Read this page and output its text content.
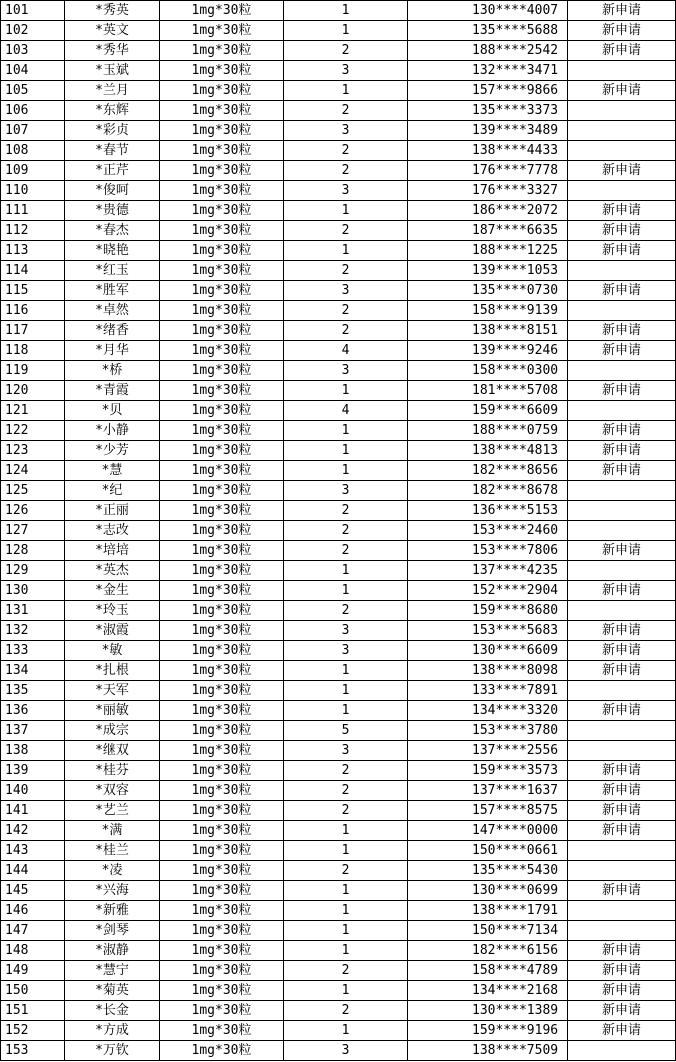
101	*秀英	1mg*30粒	1	130****4007	新申请
102	*英文	1mg*30粒	1	135****5688	新申请
103	*秀华	1mg*30粒	2	188****2542	新申请
104	*玉斌	1mg*30粒	3	132****3471	
105	*兰月	1mg*30粒	1	157****9866	新申请
106	*东辉	1mg*30粒	2	135****3373	
107	*彩贞	1mg*30粒	3	139****3489	
108	*春节	1mg*30粒	2	138****4433	
109	*正芹	1mg*30粒	2	176****7778	新申请
110	*俊呵	1mg*30粒	3	176****3327	
111	*贵德	1mg*30粒	1	186****2072	新申请
112	*春杰	1mg*30粒	2	187****6635	新申请
113	*晓艳	1mg*30粒	1	188****1225	新申请
114	*红玉	1mg*30粒	2	139****1053	
115	*胜军	1mg*30粒	3	135****0730	新申请
116	*卓然	1mg*30粒	2	158****9139	
117	*绪香	1mg*30粒	2	138****8151	新申请
118	*月华	1mg*30粒	4	139****9246	新申请
119	*桥	1mg*30粒	3	158****0300	
120	*青霞	1mg*30粒	1	181****5708	新申请
121	*贝	1mg*30粒	4	159****6609	
122	*小静	1mg*30粒	1	188****0759	新申请
123	*少芳	1mg*30粒	1	138****4813	新申请
124	*慧	1mg*30粒	1	182****8656	新申请
125	*纪	1mg*30粒	3	182****8678	
126	*正丽	1mg*30粒	2	136****5153	
127	*志改	1mg*30粒	2	153****2460	
128	*培培	1mg*30粒	2	153****7806	新申请
129	*英杰	1mg*30粒	1	137****4235	
130	*金生	1mg*30粒	1	152****2904	新申请
131	*玲玉	1mg*30粒	2	159****8680	
132	*淑霞	1mg*30粒	3	153****5683	新申请
133	*敏	1mg*30粒	3	130****6609	新申请
134	*扎根	1mg*30粒	1	138****8098	新申请
135	*天军	1mg*30粒	1	133****7891	
136	*丽敏	1mg*30粒	1	134****3320	新申请
137	*成宗	1mg*30粒	5	153****3780	
138	*继双	1mg*30粒	3	137****2556	
139	*桂芬	1mg*30粒	2	159****3573	新申请
140	*双容	1mg*30粒	2	137****1637	新申请
141	*艺兰	1mg*30粒	2	157****8575	新申请
142	*满	1mg*30粒	1	147****0000	新申请
143	*桂兰	1mg*30粒	1	150****0661	
144	*凌	1mg*30粒	2	135****5430	
145	*兴海	1mg*30粒	1	130****0699	新申请
146	*新雅	1mg*30粒	1	138****1791	
147	*剑琴	1mg*30粒	1	150****7134	
148	*淑静	1mg*30粒	1	182****6156	新申请
149	*慧宁	1mg*30粒	2	158****4789	新申请
150	*菊英	1mg*30粒	1	134****2168	新申请
151	*长金	1mg*30粒	2	130****1389	新申请
152	*方成	1mg*30粒	1	159****9196	新申请
153	*万钦	1mg*30粒	3	138****7509	
